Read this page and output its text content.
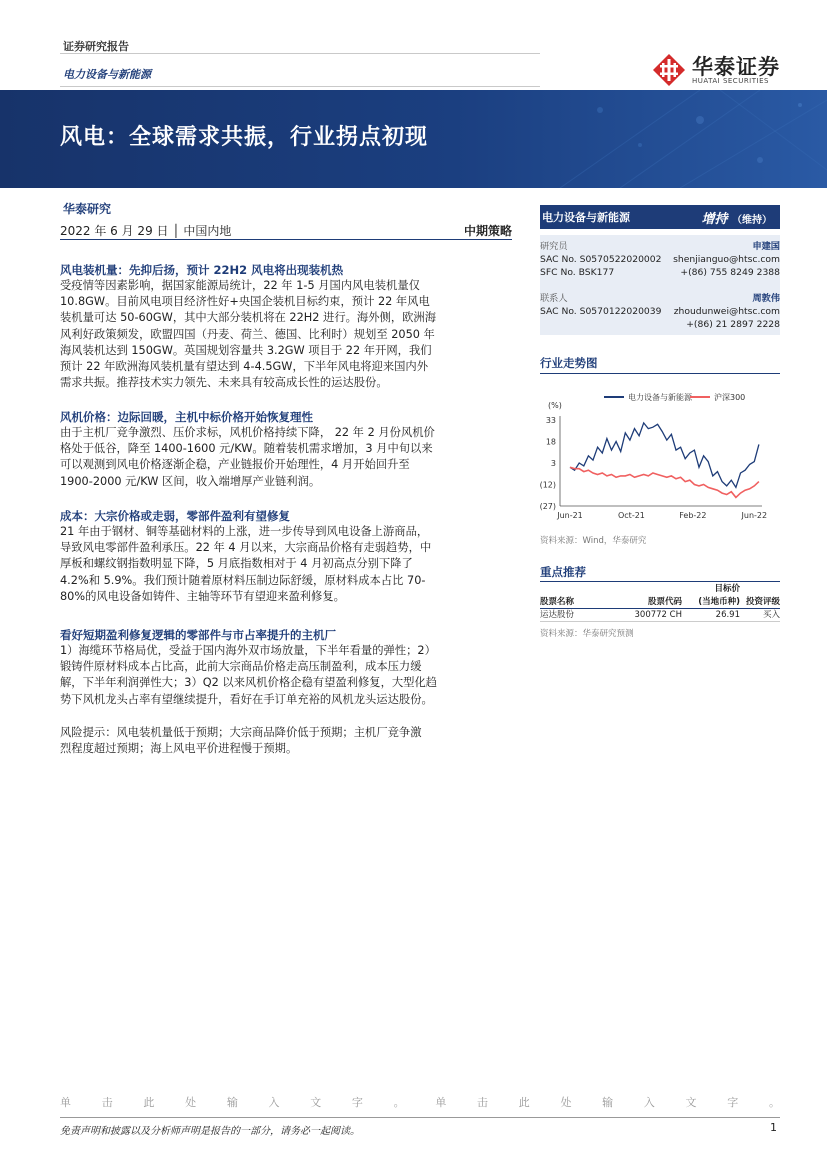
证券研究报告
电力设备与新能源	华泰证券
HUATAI SECURITIES
风电：全球需求共振，行业拐点初现
华泰研究
2022 年 6 月 29 日 │ 中国内地	中期策略
风电装机量：先抑后扬，预计 22H2 风电将出现装机热
受疫情等因素影响，据国家能源局统计，22 年 1-5 月国内风电装机量仅
10.8GW。目前风电项目经济性好+央国企装机目标约束，预计 22 年风电
装机量可达 50-60GW，其中大部分装机将在 22H2 进行。海外侧，欧洲海
风利好政策频发，欧盟四国（丹麦、荷兰、德国、比利时）规划至 2050 年
海风装机达到 150GW。英国规划容量共 3.2GW 项目于 22 年开网，我们
预计 22 年欧洲海风装机量有望达到 4-4.5GW，下半年风电将迎来国内外
需求共振。推荐技术实力领先、未来具有较高成长性的运达股份。
风机价格：边际回暖，主机中标价格开始恢复理性
由于主机厂竞争激烈、压价求标，风机价格持续下降， 22 年 2 月份风机价
格处于低谷，降至 1400-1600 元/KW。随着装机需求增加，3 月中旬以来
可以观测到风电价格逐渐企稳，产业链报价开始理性，4 月开始回升至
1900-2000 元/KW 区间，收入端增厚产业链利润。
成本：大宗价格或走弱，零部件盈利有望修复
21 年由于钢材、铜等基础材料的上涨，进一步传导到风电设备上游商品，
导致风电零部件盈利承压。22 年 4 月以来，大宗商品价格有走弱趋势，中
厚板和螺纹钢指数明显下降，5 月底指数相对于 4 月初高点分别下降了
4.2%和 5.9%。我们预计随着原材料压制边际舒缓，原材料成本占比 70-
80%的风电设备如铸件、主轴等环节有望迎来盈利修复。
看好短期盈利修复逻辑的零部件与市占率提升的主机厂
1）海缆环节格局优，受益于国内海外双市场放量，下半年看量的弹性；2）
锻铸件原材料成本占比高，此前大宗商品价格走高压制盈利，成本压力缓
解，下半年利润弹性大；3）Q2 以来风机价格企稳有望盈利修复，大型化趋
势下风机龙头占率有望继续提升，看好在手订单充裕的风机龙头运达股份。
风险提示：风电装机量低于预期；大宗商品降价低于预期；主机厂竞争激
烈程度超过预期；海上风电平价进程慢于预期。
电力设备与新能源	增持 （维持）
研究员	申建国
SAC No. S0570522020002 shenjianguo@htsc.com
SFC No. BSK177	+(86) 755 8249 2388
联系人	周敦伟
SAC No. S0570122020039 zhoudunwei@htsc.com
+(86) 21 2897 2228
行业走势图
电力设备与新能源	沪深300
(%)
33
18
3
(12)
(27)
Jun-21	Oct-21	Feb-22	Jun-22
资料来源：Wind，华泰研究
重点推荐
目标价
股票名称	股票代码	(当地币种) 投资评级
运达股份	300772 CH	26.91	买入
资料来源：华泰研究预测
单	击	此	处	输	入	文	字	。	单	击	此	处	输	入	文	字	。
免责声明和披露以及分析师声明是报告的一部分，请务必一起阅读。	1
